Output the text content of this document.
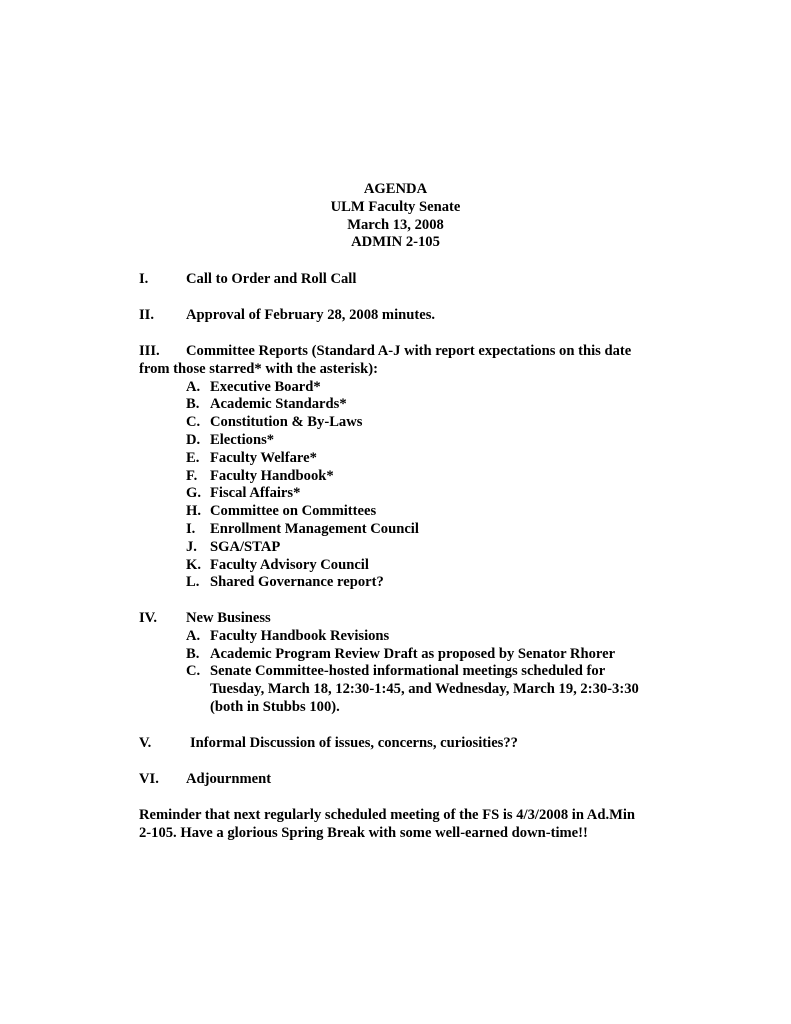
AGENDA
ULM Faculty Senate
March 13, 2008
ADMIN 2-105
I.	Call to Order and Roll Call
II. Approval of February 28, 2008 minutes.
III. Committee Reports (Standard A-J with report expectations on this date
from those starred* with the asterisk):
A. Executive Board*
B. Academic Standards*
C. Constitution & By-Laws
D. Elections*
E. Faculty Welfare*
F. Faculty Handbook*
G. Fiscal Affairs*
H. Committee on Committees
I. Enrollment Management Council
J. SGA/STAP
K. Faculty Advisory Council
L. Shared Governance report?
IV. New Business
A. Faculty Handbook Revisions
B. Academic Program Review Draft as proposed by Senator Rhorer
C. Senate Committee-hosted informational meetings scheduled for
Tuesday, March 18, 12:30-1:45, and Wednesday, March 19, 2:30-3:30
(both in Stubbs 100).
V.	Informal Discussion of issues, concerns, curiosities??
VI. Adjournment
Reminder that next regularly scheduled meeting of the FS is 4/3/2008 in Ad.Min
2-105. Have a glorious Spring Break with some well-earned down-time!!
